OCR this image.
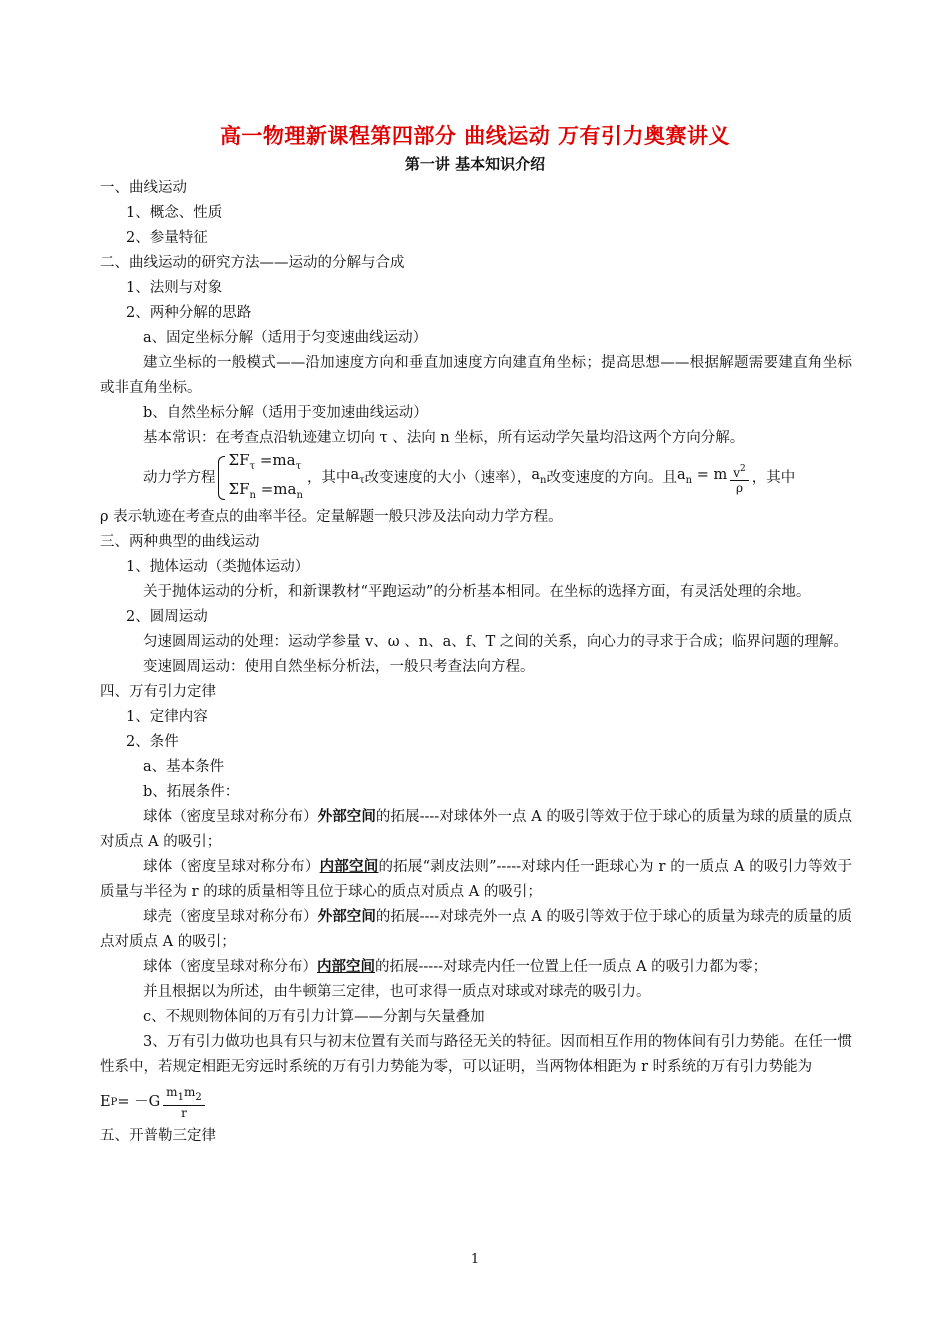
高一物理新课程第四部分 曲线运动 万有引力奥赛讲义
第一讲 基本知识介绍

一、曲线运动

1、概念、性质

2、参量特征

二、曲线运动的研究方法——运动的分解与合成

1、法则与对象

2、两种分解的思路

a、固定坐标分解（适用于匀变速曲线运动）

建立坐标的一般模式——沿加速度方向和垂直加速度方向建直角坐标；提高思想——根据解题需要建直角坐标或非直角坐标。

b、自然坐标分解（适用于变加速曲线运动）

基本常识：在考查点沿轨迹建立切向 τ 、法向 n 坐标，所有运动学矢量均沿这两个方向分解。

动力学方程
$\Sigma F_\tau =ma_\tau$
$\Sigma F_n =ma_n$
，其中 $a_\tau$ 改变速度的大小（速率）， $a_n$ 改变速度的方向。且 $a_n = m \frac{v^2}{\rho}$ ，其中

ρ 表示轨迹在考查点的曲率半径。定量解题一般只涉及法向动力学方程。

三、两种典型的曲线运动

1、抛体运动（类抛体运动）

关于抛体运动的分析，和新课教材“平跑运动”的分析基本相同。在坐标的选择方面，有灵活处理的余地。

2、圆周运动

匀速圆周运动的处理：运动学参量 v、ω 、n、a、f、T 之间的关系，向心力的寻求于合成；临界问题的理解。

变速圆周运动：使用自然坐标分析法，一般只考查法向方程。

四、万有引力定律

1、定律内容

2、条件

a、基本条件

b、拓展条件：

球体（密度呈球对称分布）外部空间的拓展----对球体外一点 A 的吸引等效于位于球心的质量为球的质量的质点对质点 A 的吸引；

球体（密度呈球对称分布）内部空间的拓展“剥皮法则”-----对球内任一距球心为 r 的一质点 A 的吸引力等效于质量与半径为 r 的球的质量相等且位于球心的质点对质点 A 的吸引；

球壳（密度呈球对称分布）外部空间的拓展----对球壳外一点 A 的吸引等效于位于球心的质量为球壳的质量的质点对质点 A 的吸引；

球体（密度呈球对称分布）内部空间的拓展-----对球壳内任一位置上任一质点 A 的吸引力都为零；

并且根据以为所述，由牛顿第三定律，也可求得一质点对球或对球壳的吸引力。

c、不规则物体间的万有引力计算——分割与矢量叠加

3、万有引力做功也具有只与初末位置有关而与路径无关的特征。因而相互作用的物体间有引力势能。在任一惯性系中，若规定相距无穷远时系统的万有引力势能为零，可以证明，当两物体相距为 r 时系统的万有引力势能为

E $P = -G \frac{m_1m_2}{r}$

五、开普勒三定律

1
